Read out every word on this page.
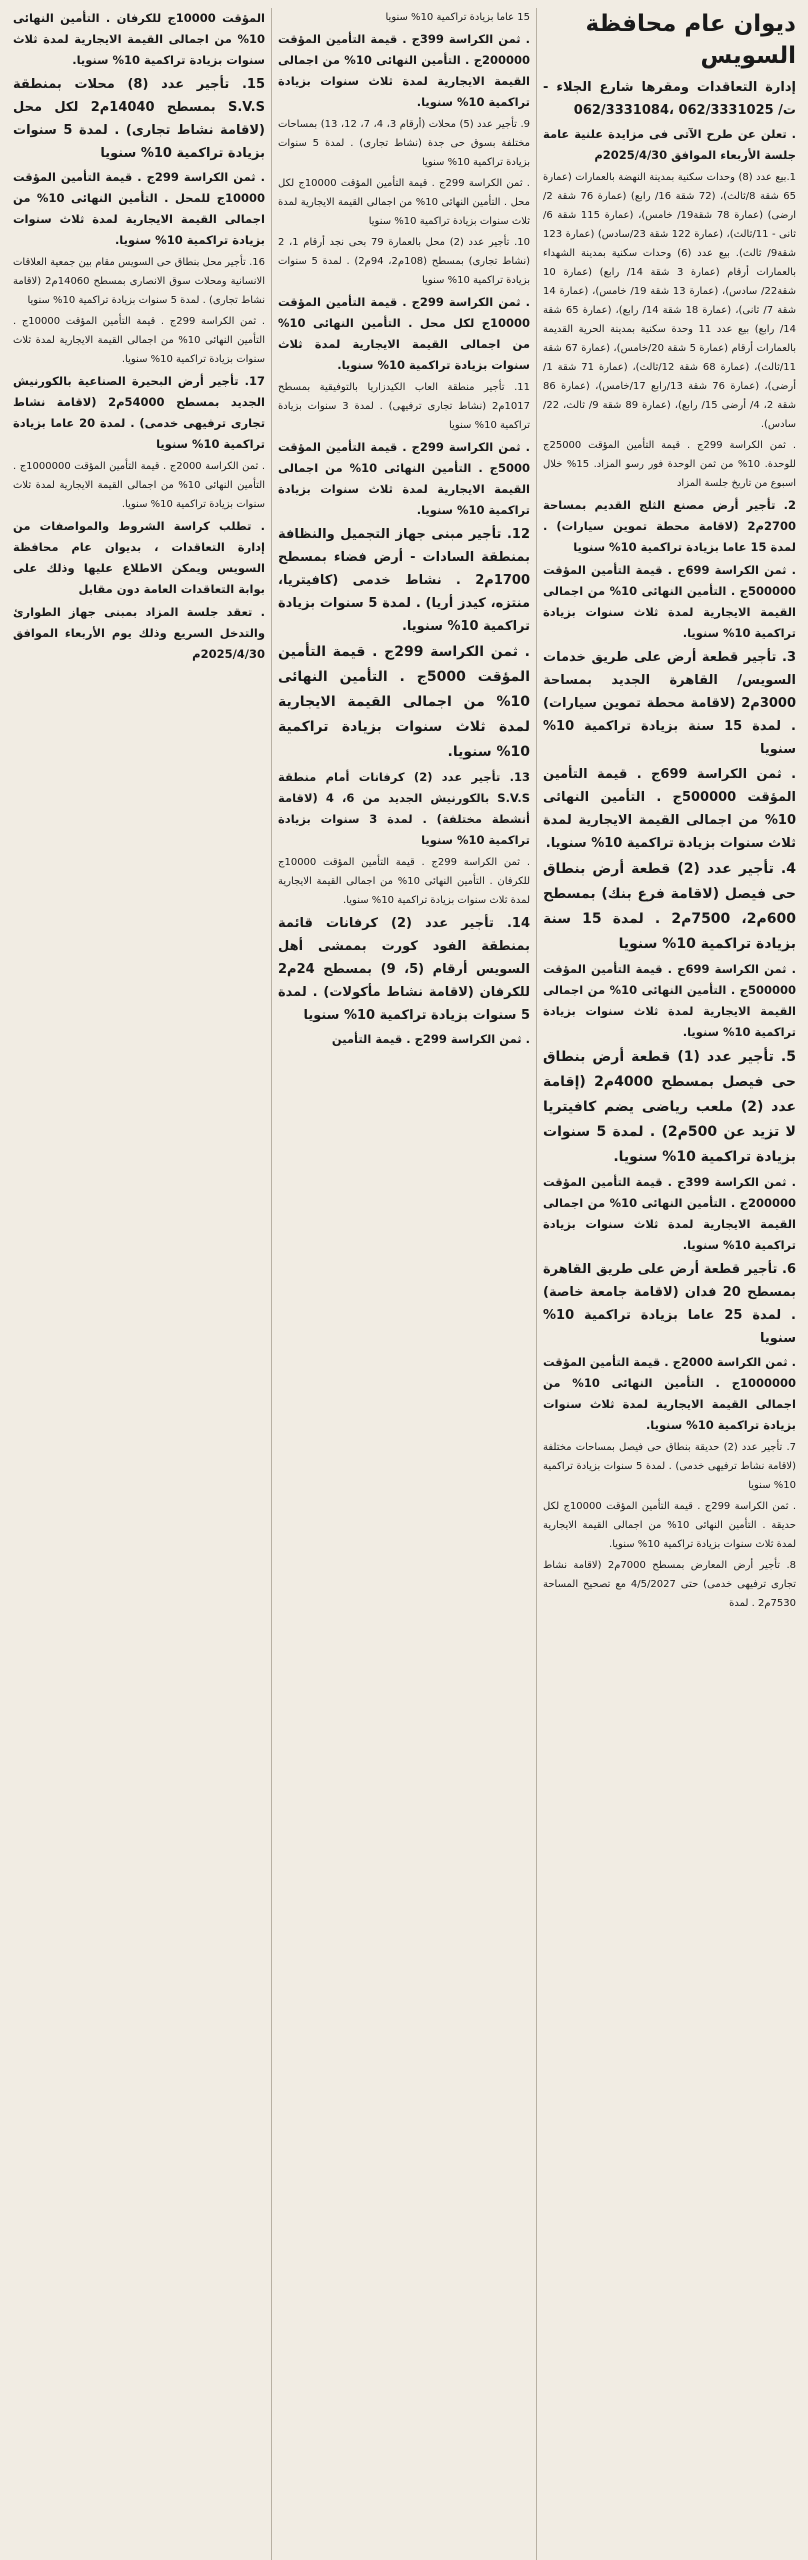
ديوان عام محافظة السويس

إدارة التعاقدات ومقرها شارع الجلاء - ت/ 062/3331025 ،062/3331084

. تعلن عن طرح الآتى فى مزايدة علنية عامة جلسة الأربعاء الموافق 2025/4/30م

1.بيع عدد (8) وحدات سكنية بمدينة النهضة بالعمارات (عمارة 65 شقة 8/ثالث)، (72 شقة 16/ رابع) (عمارة 76 شقة 2/ارضى) (عمارة 78 شقة19/ خامس)، (عمارة 115 شقة 6/ثانى - 11/ثالث)، (عمارة 122 شقة 23/سادس) (عمارة 123 شقة9/ ثالث). بيع عدد (6) وحدات سكنية بمدينة الشهداء بالعمارات أرقام (عمارة 3 شقة 14/ رابع) (عمارة 10 شقة22/ سادس)، (عمارة 13 شقة 19/ خامس)، (عمارة 14 شقة 7/ ثانى)، (عمارة 18 شقة 14/ رابع)، (عمارة 65 شقة 14/ رابع) بيع عدد 11 وحدة سكنية بمدينة الحرية القديمة بالعمارات أرقام (عمارة 5 شقة 20/خامس)، (عمارة 67 شقة 11/ثالث)، (عمارة 68 شقة 12/ثالث)، (عمارة 71 شقة 1/ أرضى)، (عمارة 76 شقة 13/رابع 17/خامس)، (عمارة 86 شقة 2، 4/ أرضى 15/ رابع)، (عمارة 89 شقة 9/ ثالث، 22/سادس).

. ثمن الكراسة 299ج . قيمة التأمين المؤقت 25000ج للوحدة. 10% من ثمن الوحدة فور رسو المزاد. 15% خلال اسبوع من تاريخ جلسة المزاد

2. تأجير أرض مصنع الثلج القديم بمساحة 2700م2 (لاقامة محطة تموين سيارات) . لمدة 15 عاما بزيادة تراكمية 10% سنويا

. ثمن الكراسة 699ج . قيمة التأمين المؤقت 500000ج . التأمين النهائى 10% من اجمالى القيمة الايجارية لمدة ثلاث سنوات بزيادة تراكمية 10% سنويا.

3. تأجير قطعة أرض على طريق خدمات السويس/ القاهرة الجديد بمساحة 3000م2 (لاقامة محطة تموين سيارات) . لمدة 15 سنة بزيادة تراكمية 10% سنويا

. ثمن الكراسة 699ج . قيمة التأمين المؤقت 500000ج . التأمين النهائى 10% من اجمالى القيمة الايجارية لمدة ثلاث سنوات بزيادة تراكمية 10% سنويا.

4. تأجير عدد (2) قطعة أرض بنطاق حى فيصل (لاقامة فرع بنك) بمسطح 600م2، 7500م2 . لمدة 15 سنة بزيادة تراكمية 10% سنويا

. ثمن الكراسة 699ج . قيمة التأمين المؤقت 500000ج . التأمين النهائى 10% من اجمالى القيمة الايجارية لمدة ثلاث سنوات بزيادة تراكمية 10% سنويا.

5. تأجير عدد (1) قطعة أرض بنطاق حى فيصل بمسطح 4000م2 (إقامة عدد (2) ملعب رياضى يضم كافيتريا لا تزيد عن 500م2) . لمدة 5 سنوات بزيادة تراكمية 10% سنويا.

. ثمن الكراسة 399ج . قيمة التأمين المؤقت 200000ج . التأمين النهائى 10% من اجمالى القيمة الايجارية لمدة ثلاث سنوات بزيادة تراكمية 10% سنويا.

6. تأجير قطعة أرض على طريق القاهرة بمسطح 20 فدان (لاقامة جامعة خاصة) . لمدة 25 عاما بزيادة تراكمية 10% سنويا

. ثمن الكراسة 2000ج . قيمة التأمين المؤقت 1000000ج . التأمين النهائى 10% من اجمالى القيمة الايجارية لمدة ثلاث سنوات بزيادة تراكمية 10% سنويا.

7. تأجير عدد (2) حديقة بنطاق حى فيصل بمساحات مختلفة (لاقامة نشاط ترفيهى خدمى) . لمدة 5 سنوات بزيادة تراكمية 10% سنويا

. ثمن الكراسة 299ج . قيمة التأمين المؤقت 10000ج لكل حديقة . التأمين النهائى 10% من اجمالى القيمة الايجارية لمدة ثلاث سنوات بزيادة تراكمية 10% سنويا.

8. تأجير أرض المعارض بمسطح 7000م2 (لاقامة نشاط تجارى ترفيهى خدمى) حتى 4/5/2027 مع تصحيح المساحة 7530م2 . لمدة

15 عاما بزيادة تراكمية 10% سنويا

. ثمن الكراسة 399ج . قيمة التأمين المؤقت 200000ج . التأمين النهائى 10% من اجمالى القيمة الايجارية لمدة ثلاث سنوات بزيادة تراكمية 10% سنويا.

9. تأجير عدد (5) محلات (أرقام 3، 4، 7، 12، 13) بمساحات مختلفة بسوق حى جدة (نشاط تجارى) . لمدة 5 سنوات بزيادة تراكمية 10% سنويا

. ثمن الكراسة 299ج . قيمة التأمين المؤقت 10000ج لكل محل . التأمين النهائى 10% من اجمالى القيمة الايجارية لمدة ثلاث سنوات بزيادة تراكمية 10% سنويا

10. تأجير عدد (2) محل بالعمارة 79 بحى نجد أرقام 1، 2 (نشاط تجارى) بمسطح (108م2، 94م2) . لمدة 5 سنوات بزيادة تراكمية 10% سنويا

. ثمن الكراسة 299ج . قيمة التأمين المؤقت 10000ج لكل محل . التأمين النهائى 10% من اجمالى القيمة الايجارية لمدة ثلاث سنوات بزيادة تراكمية 10% سنويا.

11. تأجير منطقة العاب الكيدزاريا بالتوفيقية بمسطح 1017م2 (نشاط تجارى ترفيهى) . لمدة 3 سنوات بزيادة تراكمية 10% سنويا

. ثمن الكراسة 299ج . قيمة التأمين المؤقت 5000ج . التأمين النهائى 10% من اجمالى القيمة الايجارية لمدة ثلاث سنوات بزيادة تراكمية 10% سنويا.

12. تأجير مبنى جهاز التجميل والنظافة بمنطقة السادات - أرض فضاء بمسطح 1700م2 . نشاط خدمى (كافيتريا، منتزه، كيدز أريا) . لمدة 5 سنوات بزيادة تراكمية 10% سنويا.

. ثمن الكراسة 299ج . قيمة التأمين المؤقت 5000ج . التأمين النهائى 10% من اجمالى القيمة الايجارية لمدة ثلاث سنوات بزيادة تراكمية 10% سنويا.

13. تأجير عدد (2) كرفانات أمام منطقة S.V.S بالكورنيش الجديد من 6، 4 (لاقامة أنشطة مختلفة) . لمدة 3 سنوات بزيادة تراكمية 10% سنويا

. ثمن الكراسة 299ج . قيمة التأمين المؤقت 10000ج للكرفان . التأمين النهائى 10% من اجمالى القيمة الايجارية لمدة ثلاث سنوات بزيادة تراكمية 10% سنويا.

14. تأجير عدد (2) كرفانات قائمة بمنطقة الفود كورت بممشى أهل السويس أرقام (5، 9) بمسطح 24م2 للكرفان (لاقامة نشاط مأكولات) . لمدة 5 سنوات بزيادة تراكمية 10% سنويا

. ثمن الكراسة 299ج . قيمة التأمين

المؤقت 10000ج للكرفان . التأمين النهائى 10% من اجمالى القيمة الايجارية لمدة ثلاث سنوات بزيادة تراكمية 10% سنويا.

15. تأجير عدد (8) محلات بمنطقة S.V.S بمسطح 14040م2 لكل محل (لاقامة نشاط تجارى) . لمدة 5 سنوات بزيادة تراكمية 10% سنويا

. ثمن الكراسة 299ج . قيمة التأمين المؤقت 10000ج للمحل . التأمين النهائى 10% من اجمالى القيمة الايجارية لمدة ثلاث سنوات بزيادة تراكمية 10% سنويا.

16. تأجير محل بنطاق حى السويس مقام بين جمعية العلاقات الانسانية ومحلات سوق الانصارى بمسطح 14060م2 (لاقامة نشاط تجارى) . لمدة 5 سنوات بزيادة تراكمية 10% سنويا

. ثمن الكراسة 299ج . قيمة التأمين المؤقت 10000ج . التأمين النهائى 10% من اجمالى القيمة الايجارية لمدة ثلاث سنوات بزيادة تراكمية 10% سنويا.

17. تأجير أرض البحيرة الصناعية بالكورنيش الجديد بمسطح 54000م2 (لاقامة نشاط تجارى ترفيهى خدمى) . لمدة 20 عاما بزيادة تراكمية 10% سنويا

. ثمن الكراسة 2000ج . قيمة التأمين المؤقت 1000000ج . التأمين النهائى 10% من اجمالى القيمة الايجارية لمدة ثلاث سنوات بزيادة تراكمية 10% سنويا.

. تطلب كراسة الشروط والمواصفات من إدارة التعاقدات ، بديوان عام محافظة السويس ويمكن الاطلاع عليها وذلك على بوابة التعاقدات العامة دون مقابل

. تعقد جلسة المزاد بمبنى جهاز الطوارئ والتدخل السريع وذلك يوم الأربعاء الموافق 2025/4/30م
